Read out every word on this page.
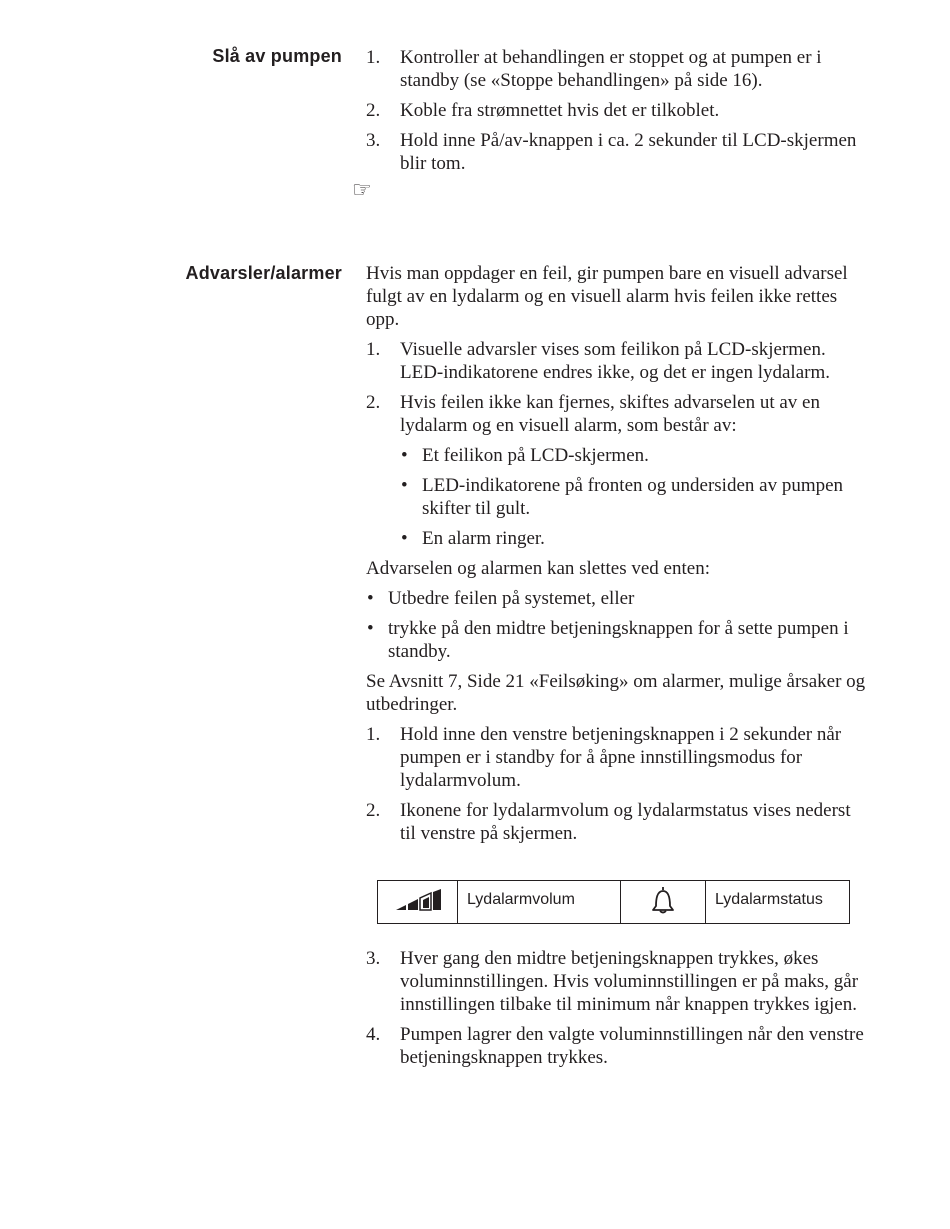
Slå av pumpen 1. Kontroller at behandlingen er stoppet og at pumpen er i standby (se «Stoppe behandlingen» på side 16).
2. Koble fra strømnettet hvis det er tilkoblet.
3. Hold inne På/av-knappen i ca. 2 sekunder til LCD-skjermen blir tom.
☞
Advarsler/alarmer Hvis man oppdager en feil, gir pumpen bare en visuell advarsel fulgt av en lydalarm og en visuell alarm hvis feilen ikke rettes opp.

1. Visuelle advarsler vises som feilikon på LCD-skjermen. LED-indikatorene endres ikke, og det er ingen lydalarm.
2. Hvis feilen ikke kan fjernes, skiftes advarselen ut av en lydalarm og en visuell alarm, som består av:
• Et feilikon på LCD-skjermen.
• LED-indikatorene på fronten og undersiden av pumpen skifter til gult.
• En alarm ringer.

Advarselen og alarmen kan slettes ved enten:

• Utbedre feilen på systemet, eller
• trykke på den midtre betjeningsknappen for å sette pumpen i standby.

Se Avsnitt 7, Side 21 «Feilsøking» om alarmer, mulige årsaker og utbedringer.

1. Hold inne den venstre betjeningsknappen i 2 sekunder når pumpen er i standby for å åpne innstillingsmodus for lydalarmvolum.
2. Ikonene for lydalarmvolum og lydalarmstatus vises nederst til venstre på skjermen.
	Lydalarmvolum		Lydalarmstatus
3. Hver gang den midtre betjeningsknappen trykkes, økes voluminnstillingen. Hvis voluminnstillingen er på maks, går innstillingen tilbake til minimum når knappen trykkes igjen.
4. Pumpen lagrer den valgte voluminnstillingen når den venstre betjeningsknappen trykkes.
